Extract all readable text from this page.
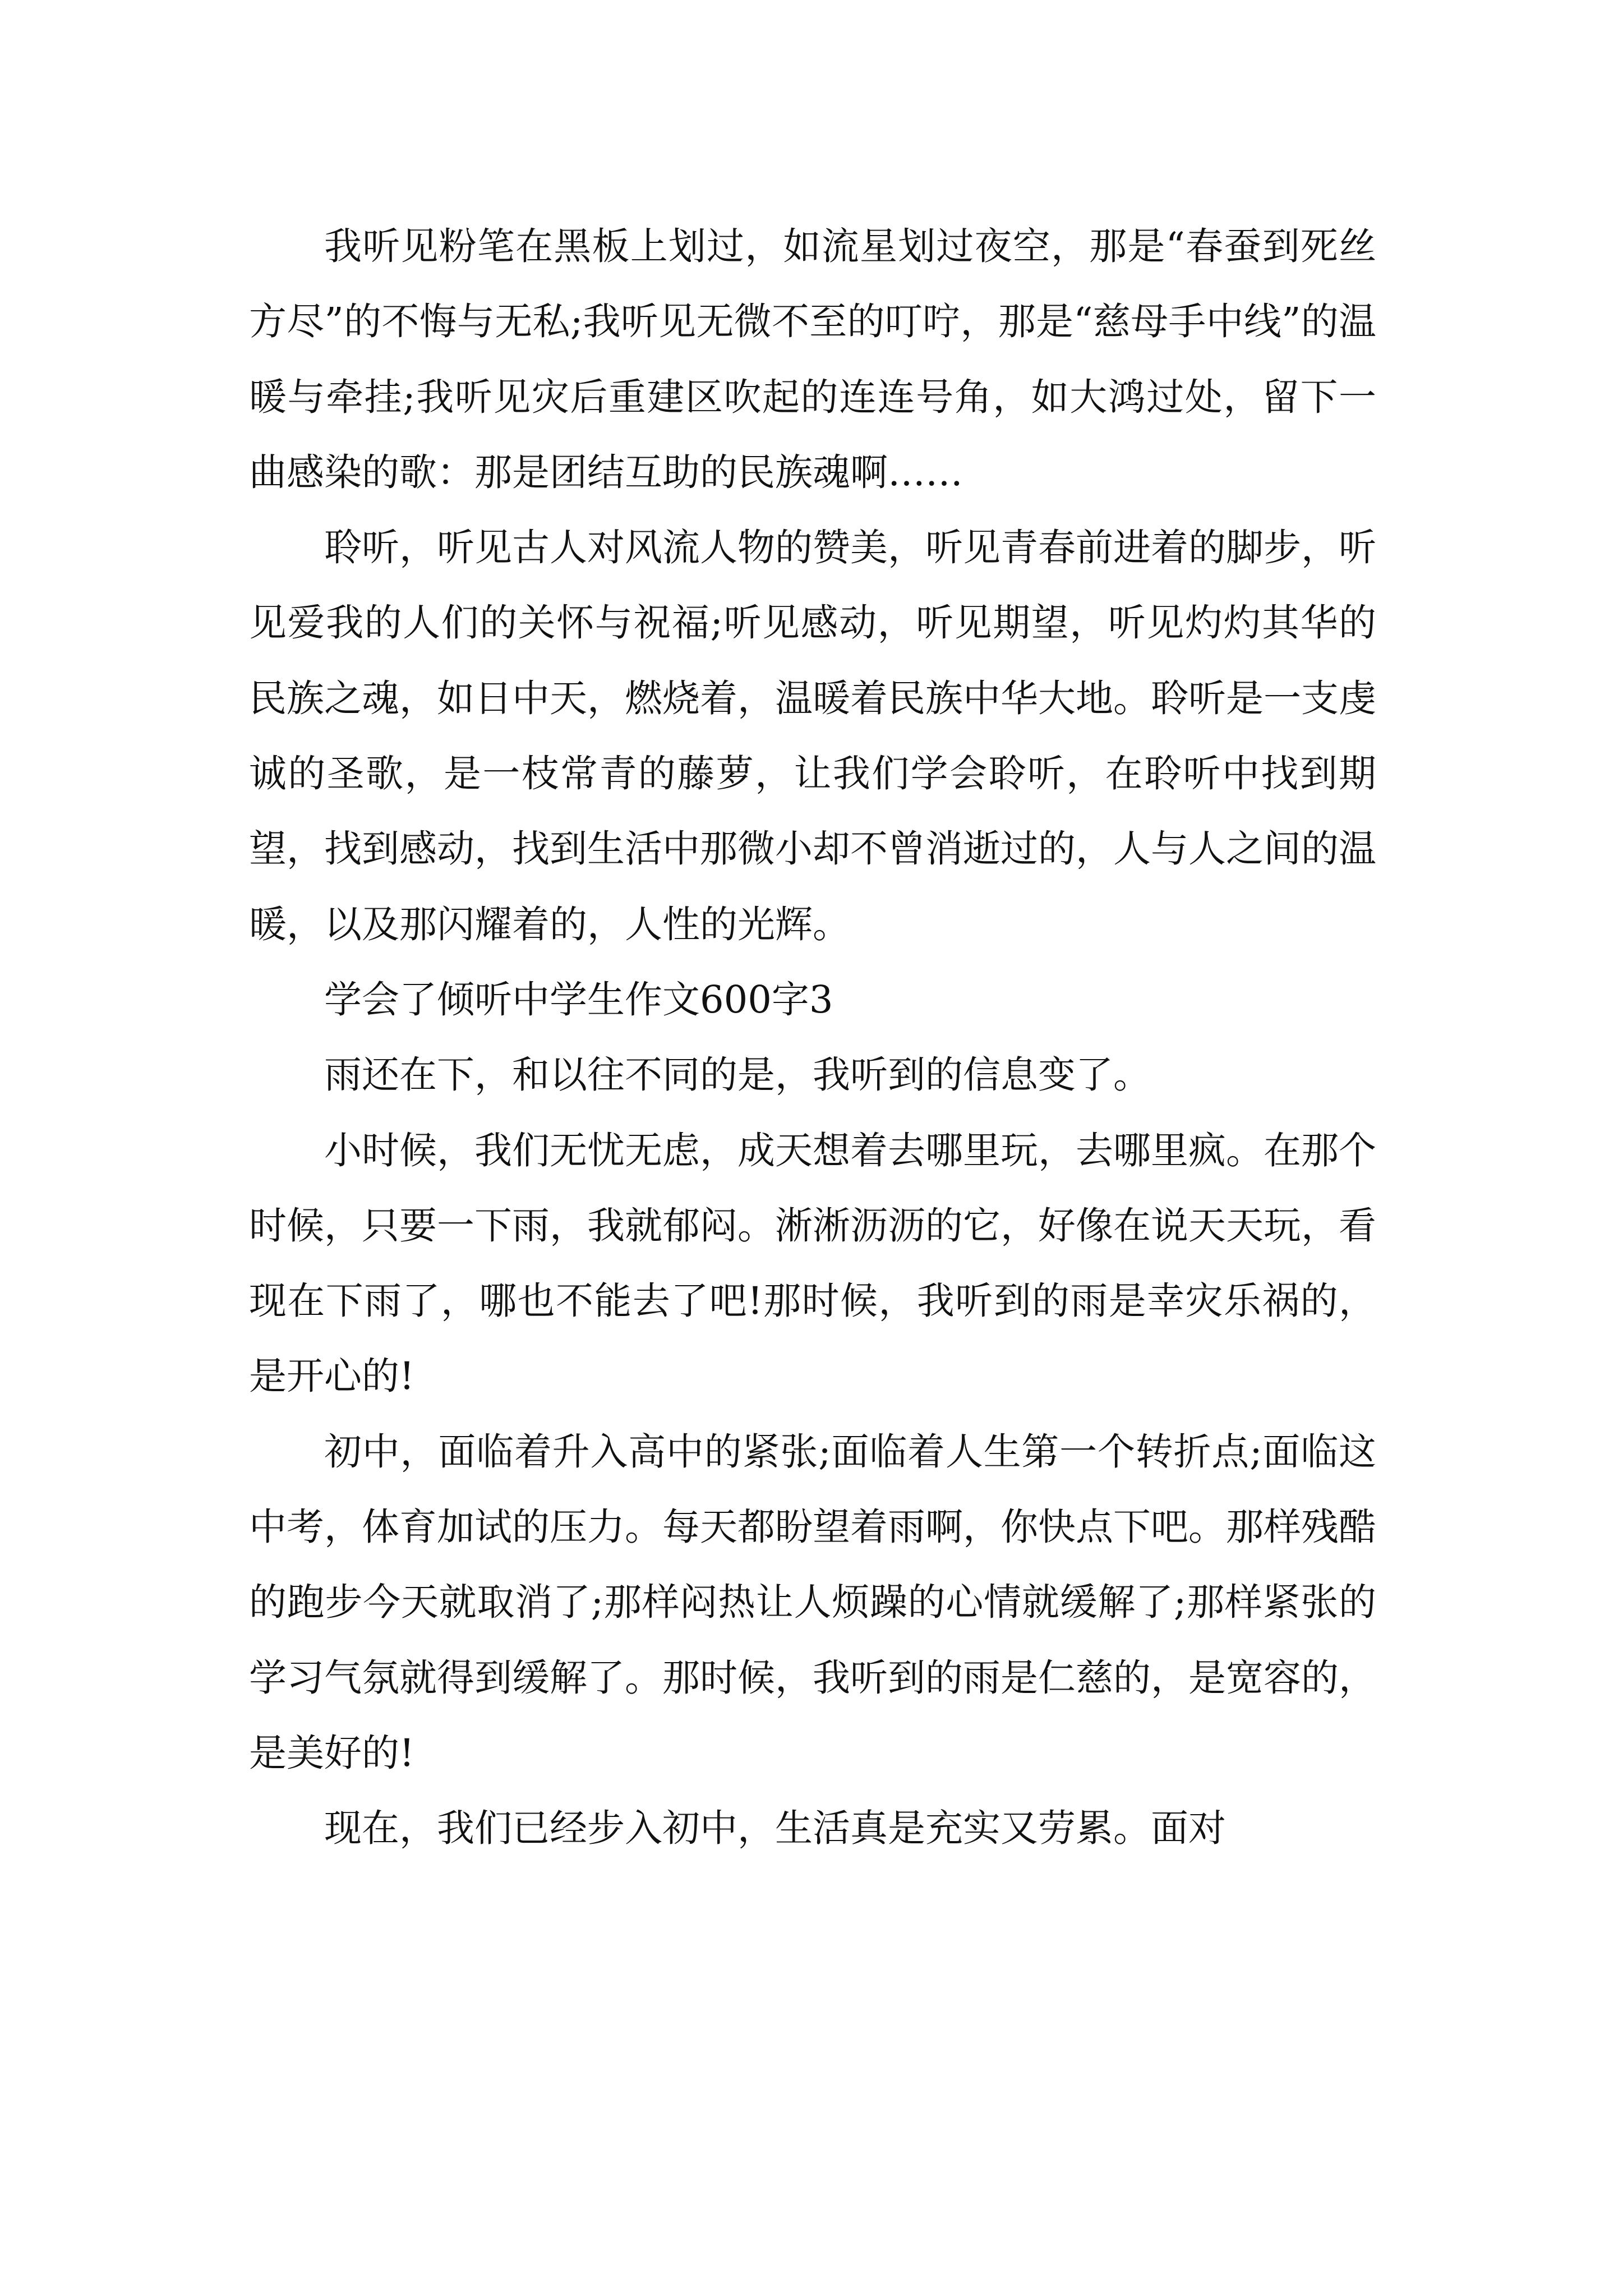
我听见粉笔在黑板上划过，如流星划过夜空，那是“春蚕到死丝方尽”的不悔与无私;我听见无微不至的叮咛，那是“慈母手中线”的温暖与牵挂;我听见灾后重建区吹起的连连号角，如大鸿过处，留下一曲感染的歌：那是团结互助的民族魂啊……

聆听，听见古人对风流人物的赞美，听见青春前进着的脚步，听见爱我的人们的关怀与祝福;听见感动，听见期望，听见灼灼其华的民族之魂，如日中天，燃烧着，温暖着民族中华大地。聆听是一支虔诚的圣歌，是一枝常青的藤萝，让我们学会聆听，在聆听中找到期望，找到感动，找到生活中那微小却不曾消逝过的，人与人之间的温暖，以及那闪耀着的，人性的光辉。

学会了倾听中学生作文600字3

雨还在下，和以往不同的是，我听到的信息变了。

小时候，我们无忧无虑，成天想着去哪里玩，去哪里疯。在那个时候，只要一下雨，我就郁闷。淅淅沥沥的它，好像在说天天玩，看现在下雨了，哪也不能去了吧!那时候，我听到的雨是幸灾乐祸的，是开心的!

初中，面临着升入高中的紧张;面临着人生第一个转折点;面临这中考，体育加试的压力。每天都盼望着雨啊，你快点下吧。那样残酷的跑步今天就取消了;那样闷热让人烦躁的心情就缓解了;那样紧张的学习气氛就得到缓解了。那时候，我听到的雨是仁慈的，是宽容的，是美好的!

现在，我们已经步入初中，生活真是充实又劳累。面对
